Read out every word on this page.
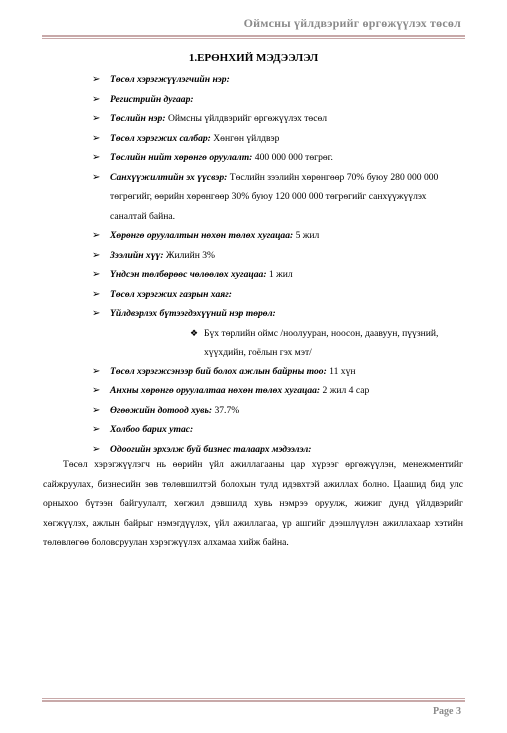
Оймсны үйлдвэрийг өргөжүүлэх төсөл
1.ЕРӨНХИЙ МЭДЭЭЛЭЛ
➢ Төсөл хэрэгжүүлэгчийн нэр:
➢ Регистрийн дугаар:
➢ Төслийн нэр: Оймсны үйлдвэрийг өргөжүүлэх төсөл
➢ Төсөл хэрэгжих салбар: Хөнгөн үйлдвэр
➢ Төслийн нийт хөрөнгө оруулалт: 400 000 000 төгрөг.
➢ Санхүүжилтийн эх үүсвэр: Төслийн зээлийн хөрөнгөөр 70% буюу 280 000 000 төгрөгийг, өөрийн хөрөнгөөр 30% буюу 120 000 000 төгрөгийг санхүүжүүлэх саналтай байна.
➢ Хөрөнгө оруулалтын нөхөн төлөх хугацаа: 5 жил
➢ Зээлийн хүү: Жилийн 3%
➢ Үндсэн төлбөрөөс чөлөөлөх хугацаа: 1 жил
➢ Төсөл хэрэгжих газрын хаяг:
➢ Үйлдвэрлэх бүтээгдэхүүний нэр төрөл:
❖ Бүх төрлийн оймс /ноолууран, ноосон, даавуун, пүүзний, хүүхдийн, гоёлын гэх мэт/
➢ Төсөл хэрэгжсэнээр бий болох ажлын байрны тоо: 11 хүн
➢ Анхны хөрөнгө оруулалтаа нөхөн төлөх хугацаа: 2 жил 4 сар
➢ Өгөөжийн дотоод хувь: 37.7%
➢ Холбоо барих утас:
➢ Одоогийн эрхэлж буй бизнес талаарх мэдээлэл:
Төсөл хэрэгжүүлэгч нь өөрийн үйл ажиллагааны цар хүрээг өргөжүүлэн, менежментийг сайжруулах, бизнесийн зөв төлөвшилтэй болохын тулд идэвхтэй ажиллах болно. Цаашид бид улс орныхоо бүтээн байгуулалт, хөгжил дэвшилд хувь нэмрээ оруулж, жижиг дунд үйлдвэрийг хөгжүүлэх, ажлын байрыг нэмэгдүүлэх, үйл ажиллагаа, үр ашгийг дээшлүүлэн ажиллахаар хэтийн төлөвлөгөө боловсруулан хэрэгжүүлэх алхамаа хийж байна.
Page 3
